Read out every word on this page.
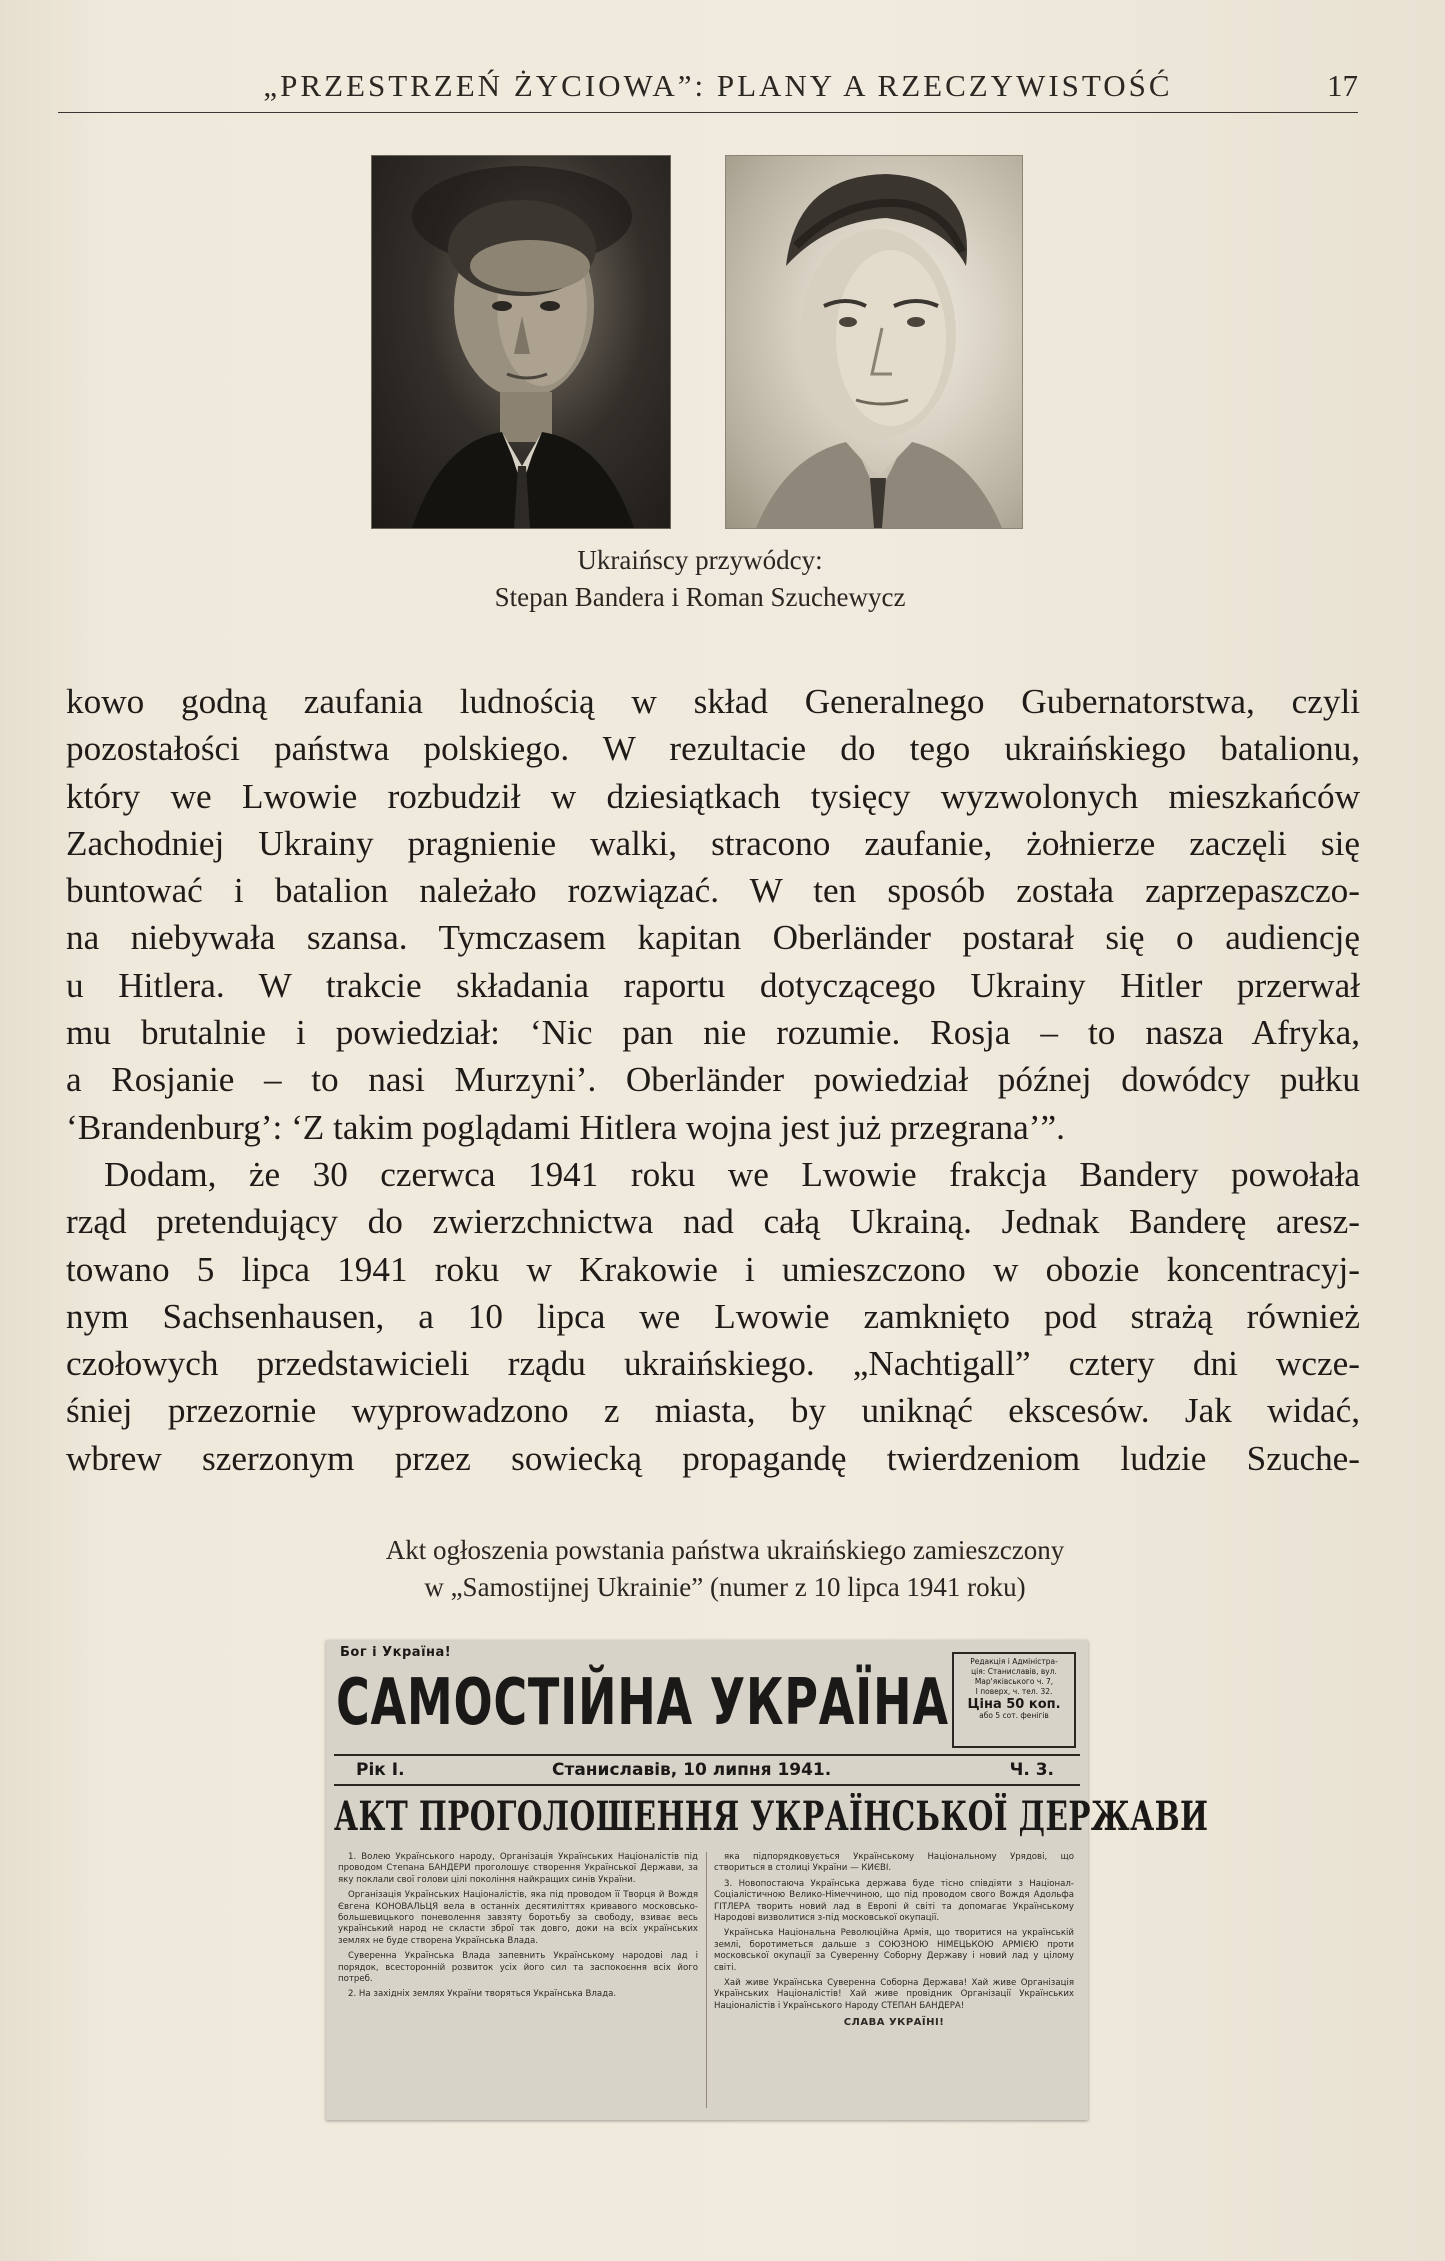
„PRZESTRZEŃ ŻYCIOWA”: PLANY A RZECZYWISTOŚĆ	17
Ukraińscy przywódcy:
Stepan Bandera i Roman Szuchewycz
kowo godną zaufania ludnością w skład Generalnego Gubernatorstwa, czyli
pozostałości państwa polskiego. W rezultacie do tego ukraińskiego batalionu,
który we Lwowie rozbudził w dziesiątkach tysięcy wyzwolonych mieszkańców
Zachodniej Ukrainy pragnienie walki, stracono zaufanie, żołnierze zaczęli się
buntować i batalion należało rozwiązać. W ten sposób została zaprzepaszczo-
na niebywała szansa. Tymczasem kapitan Oberländer postarał się o audiencję
u Hitlera. W trakcie składania raportu dotyczącego Ukrainy Hitler przerwał
mu brutalnie i powiedział: ‘Nic pan nie rozumie. Rosja – to nasza Afryka,
a Rosjanie – to nasi Murzyni’. Oberländer powiedział późnej dowódcy pułku
‘Brandenburg’: ‘Z takim poglądami Hitlera wojna jest już przegrana’”.
Dodam, że 30 czerwca 1941 roku we Lwowie frakcja Bandery powołała
rząd pretendujący do zwierzchnictwa nad całą Ukrainą. Jednak Banderę aresz-
towano 5 lipca 1941 roku w Krakowie i umieszczono w obozie koncentracyj-
nym Sachsenhausen, a 10 lipca we Lwowie zamknięto pod strażą również
czołowych przedstawicieli rządu ukraińskiego. „Nachtigall” cztery dni wcze-
śniej przezornie wyprowadzono z miasta, by uniknąć ekscesów. Jak widać,
wbrew szerzonym przez sowiecką propagandę twierdzeniom ludzie Szuche-
Akt ogłoszenia powstania państwa ukraińskiego zamieszczony
w „Samostijnej Ukrainie” (numer z 10 lipca 1941 roku)
Бог і Україна!
САМОСТІЙНА УКРАЇНА
Редакція і Адміністра-
ція: Станиславів, вул.
Мар'яківського ч. 7,
І поверх, ч. тел. 32.
Ціна 50 коп.
або 5 сот. фенігів
Рік І.	Станиславів, 10 липня 1941.	Ч. 3.
АКТ ПРОГОЛОШЕННЯ УКРАЇНСЬКОЇ ДЕРЖАВИ

1. Волею Українського народу, Організація Українських Націоналістів під проводом Степана БАНДЕРИ проголошує створення Української Держави, за яку поклали свої голови цілі покоління найкращих синів України.

Організація Українських Націоналістів, яка під проводом її Творця й Вождя Євгена КОНОВАЛЬЦЯ вела в останніх десятиліттях кривавого московсько-большевицького поневолення завзяту боротьбу за свободу, взиває весь український народ не скласти зброї так довго, доки на всіх українських землях не буде створена Українська Влада.

Суверенна Українська Влада запевнить Українському народові лад і порядок, всесторонній розвиток усіх його сил та заспокоєння всіх його потреб.

2. На західніх землях України творяться Українська Влада.

яка підпорядковується Українському Національному Урядові, що створиться в столиці України — КИЄВІ.

3. Новопостаюча Українська держава буде тісно співдіяти з Націонал-Соціалістичною Велико-Німеччиною, що під проводом свого Вождя Адольфа ГІТЛЕРА творить новий лад в Европі й світі та допомагає Українському Народові визволитися з-під московської окупації.

Українська Національна Революційна Армія, що творитися на українській землі, боротиметься дальше з СОЮЗНОЮ НІМЕЦЬКОЮ АРМІЄЮ проти московської окупації за Суверенну Соборну Державу і новий лад у цілому світі.

Хай живе Українська Суверенна Соборна Держава! Хай живе Організація Українських Націоналістів! Хай живе провідник Організації Українських Націоналістів і Українського Народу СТЕПАН БАНДЕРА!

СЛАВА УКРАЇНІ!
